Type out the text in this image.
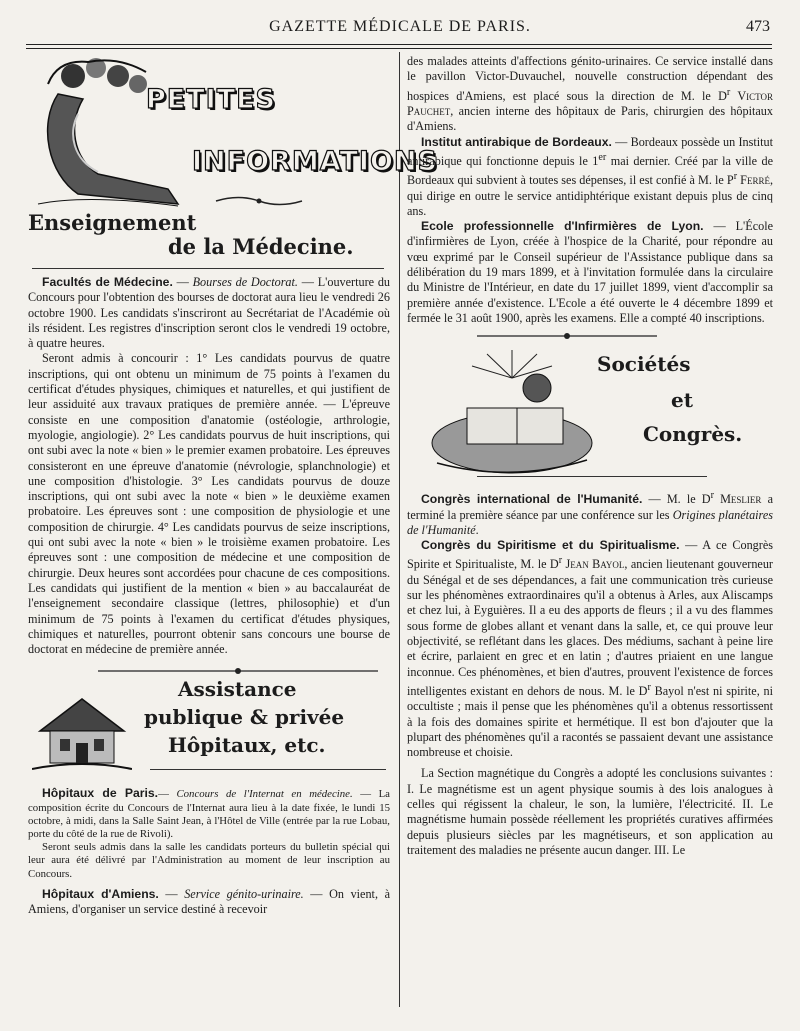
GAZETTE MÉDICALE DE PARIS.	473
PETITES
INFORMATIONS
Enseignement
de la Médecine.

Facultés de Médecine. — Bourses de Doctorat. — L'ouverture du Concours pour l'obtention des bourses de doctorat aura lieu le vendredi 26 octobre 1900. Les candidats s'inscriront au Secrétariat de l'Académie où ils résident. Les registres d'inscription seront clos le vendredi 19 octobre, à quatre heures.

Seront admis à concourir : 1° Les candidats pourvus de quatre inscriptions, qui ont obtenu un minimum de 75 points à l'examen du certificat d'études physiques, chimiques et naturelles, et qui justifient de leur assiduité aux travaux pratiques de première année. — L'épreuve consiste en une composition d'anatomie (ostéologie, arthrologie, myologie, angiologie). 2° Les candidats pourvus de huit inscriptions, qui ont subi avec la note « bien » le premier examen probatoire. Les épreuves consisteront en une épreuve d'anatomie (névrologie, splanchnologie) et une composition d'histologie. 3° Les candidats pourvus de douze inscriptions, qui ont subi avec la note « bien » le deuxième examen probatoire. Les épreuves sont : une composition de physiologie et une composition de chirurgie. 4° Les candidats pourvus de seize inscriptions, qui ont subi avec la note « bien » le troisième examen probatoire. Les épreuves sont : une composition de médecine et une composition de chirurgie. Deux heures sont accordées pour chacune de ces compositions. Les candidats qui justifient de la mention « bien » au baccalauréat de l'enseignement secondaire classique (lettres, philosophie) et d'un minimum de 75 points à l'examen du certificat d'études physiques, chimiques et naturelles, pourront obtenir sans concours une bourse de doctorat en médecine de première année.

Assistance
publique & privée
Hôpitaux, etc.

Hôpitaux de Paris.— Concours de l'Internat en médecine. — La composition écrite du Concours de l'Internat aura lieu à la date fixée, le lundi 15 octobre, à midi, dans la Salle Saint Jean, à l'Hôtel de Ville (entrée par la rue Lobau, porte du côté de la rue de Rivoli).

Seront seuls admis dans la salle les candidats porteurs du bulletin spécial qui leur aura été délivré par l'Administration au moment de leur inscription au Concours.

Hôpitaux d'Amiens. — Service génito-urinaire. — On vient, à Amiens, d'organiser un service destiné à recevoir

des malades atteints d'affections génito-urinaires. Ce service installé dans le pavillon Victor-Duvauchel, nouvelle construction dépendant des hospices d'Amiens, est placé sous la direction de M. le $D^r$ Victor Pauchet, ancien interne des hôpitaux de Paris, chirurgien des hôpitaux d'Amiens.

Institut antirabique de Bordeaux. — Bordeaux possède un Institut antirabique qui fonctionne depuis le 1er mai dernier. Créé par la ville de Bordeaux qui subvient à toutes ses dépenses, il est confié à M. le $P^r$ Ferré, qui dirige en outre le service antidiphtérique existant depuis plus de cinq ans.

Ecole professionnelle d'Infirmières de Lyon. — L'École d'infirmières de Lyon, créée à l'hospice de la Charité, pour répondre au vœu exprimé par le Conseil supérieur de l'Assistance publique dans sa délibération du 19 mars 1899, et à l'invitation formulée dans la circulaire du Ministre de l'Intérieur, en date du 17 juillet 1899, vient d'accomplir sa première année d'existence. L'Ecole a été ouverte le 4 décembre 1899 et fermée le 31 août 1900, après les examens. Elle a compté 40 inscriptions.

Sociétés
et
Congrès.

Congrès international de l'Humanité. — M. le $D^r$ Meslier a terminé la première séance par une conférence sur les Origines planétaires de l'Humanité.

Congrès du Spiritisme et du Spiritualisme. — A ce Congrès Spirite et Spiritualiste, M. le $D^r$ Jean Bayol, ancien lieutenant gouverneur du Sénégal et de ses dépendances, a fait une communication très curieuse sur les phénomènes extraordinaires qu'il a obtenus à Arles, aux Aliscamps et chez lui, à Eyguières. Il a eu des apports de fleurs ; il a vu des flammes sous forme de globes allant et venant dans la salle, et, ce qui prouve leur objectivité, se reflétant dans les glaces. Des médiums, sachant à peine lire et écrire, parlaient en grec et en latin ; d'autres priaient en une langue inconnue. Ces phénomènes, et bien d'autres, prouvent l'existence de forces intelligentes existant en dehors de nous. M. le $D^r$ Bayol n'est ni spirite, ni occultiste ; mais il pense que les phénomènes qu'il a obtenus ressortissent à la fois des domaines spirite et hermétique. Il est bon d'ajouter que la plupart des phénomènes qu'il a racontés se passaient devant une assistance nombreuse et choisie.

La Section magnétique du Congrès a adopté les conclusions suivantes : I. Le magnétisme est un agent physique soumis à des lois analogues à celles qui régissent la chaleur, le son, la lumière, l'électricité. II. Le magnétisme humain possède réellement les propriétés curatives affirmées depuis plusieurs siècles par les magnétiseurs, et son application au traitement des maladies ne présente aucun danger. III. Le
